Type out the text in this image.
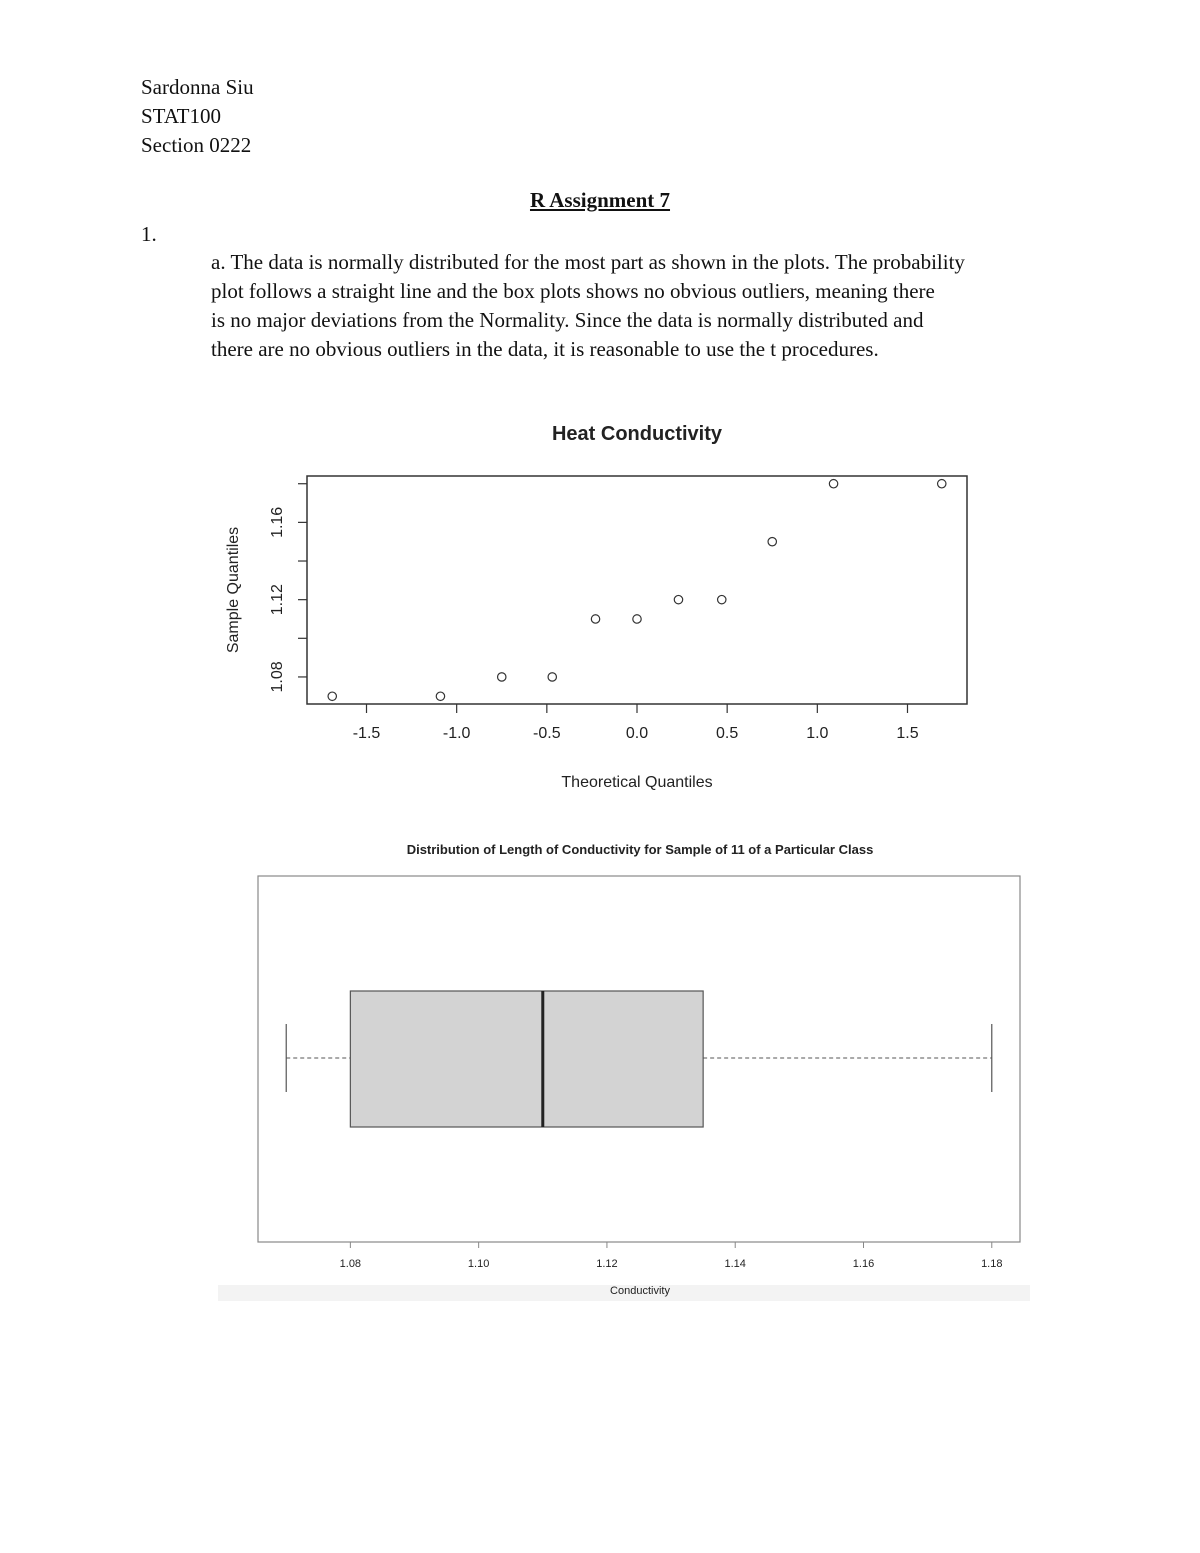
Sardonna Siu
STAT100
Section 0222
R Assignment 7
1.
a. The data is normally distributed for the most part as shown in the plots. The probability
plot follows a straight line and the box plots shows no obvious outliers, meaning there
is no major deviations from the Normality. Since the data is normally distributed and
there are no obvious outliers in the data, it is reasonable to use the t procedures.
Heat Conductivity
-1.5	-1.0	-0.5	0.0	0.5	1.0	1.5
1.08
1.12
1.16
Theoretical Quantiles
Sample Quantiles
Distribution of Length of Conductivity for Sample of 11 of a Particular Class
1.08	1.10	1.12	1.14	1.16	1.18
Conductivity
